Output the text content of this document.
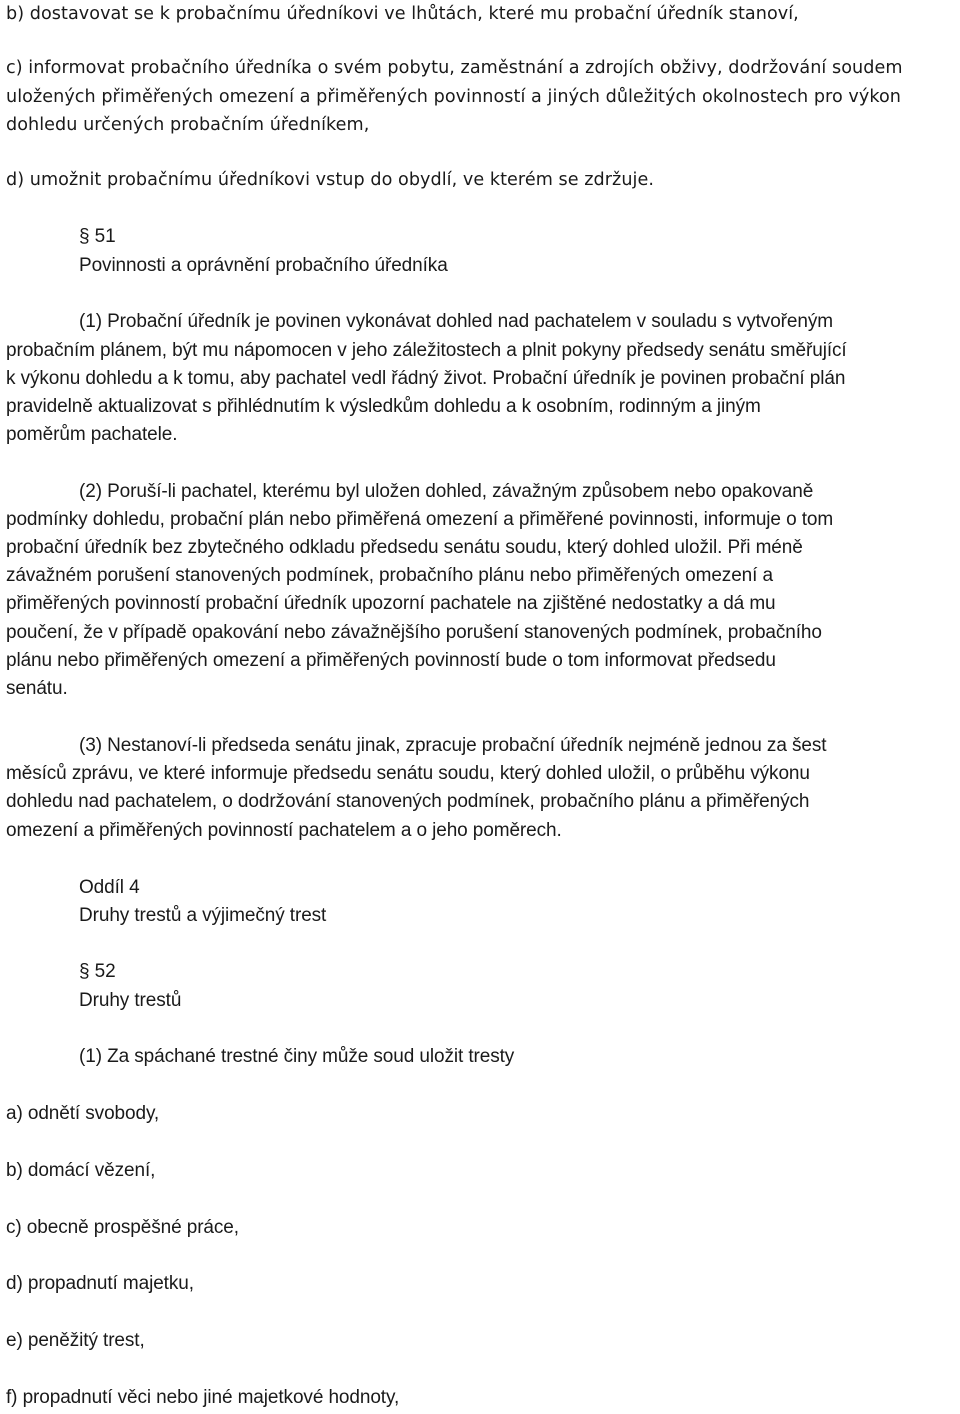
b) dostavovat se k probačnímu úředníkovi ve lhůtách, které mu probační úředník stanoví,
c) informovat probačního úředníka o svém pobytu, zaměstnání a zdrojích obživy, dodržování soudem
uložených přiměřených omezení a přiměřených povinností a jiných důležitých okolnostech pro výkon
dohledu určených probačním úředníkem,
d) umožnit probačnímu úředníkovi vstup do obydlí, ve kterém se zdržuje.
§ 51
Povinnosti a oprávnění probačního úředníka
(1) Probační úředník je povinen vykonávat dohled nad pachatelem v souladu s vytvořeným
probačním plánem, být mu nápomocen v jeho záležitostech a plnit pokyny předsedy senátu směřující
k výkonu dohledu a k tomu, aby pachatel vedl řádný život. Probační úředník je povinen probační plán
pravidelně aktualizovat s přihlédnutím k výsledkům dohledu a k osobním, rodinným a jiným
poměrům pachatele.
(2) Poruší-li pachatel, kterému byl uložen dohled, závažným způsobem nebo opakovaně
podmínky dohledu, probační plán nebo přiměřená omezení a přiměřené povinnosti, informuje o tom
probační úředník bez zbytečného odkladu předsedu senátu soudu, který dohled uložil. Při méně
závažném porušení stanovených podmínek, probačního plánu nebo přiměřených omezení a
přiměřených povinností probační úředník upozorní pachatele na zjištěné nedostatky a dá mu
poučení, že v případě opakování nebo závažnějšího porušení stanovených podmínek, probačního
plánu nebo přiměřených omezení a přiměřených povinností bude o tom informovat předsedu
senátu.
(3) Nestanoví-li předseda senátu jinak, zpracuje probační úředník nejméně jednou za šest
měsíců zprávu, ve které informuje předsedu senátu soudu, který dohled uložil, o průběhu výkonu
dohledu nad pachatelem, o dodržování stanovených podmínek, probačního plánu a přiměřených
omezení a přiměřených povinností pachatelem a o jeho poměrech.
Oddíl 4
Druhy trestů a výjimečný trest
§ 52
Druhy trestů
(1) Za spáchané trestné činy může soud uložit tresty
a) odnětí svobody,
b) domácí vězení,
c) obecně prospěšné práce,
d) propadnutí majetku,
e) peněžitý trest,
f) propadnutí věci nebo jiné majetkové hodnoty,
